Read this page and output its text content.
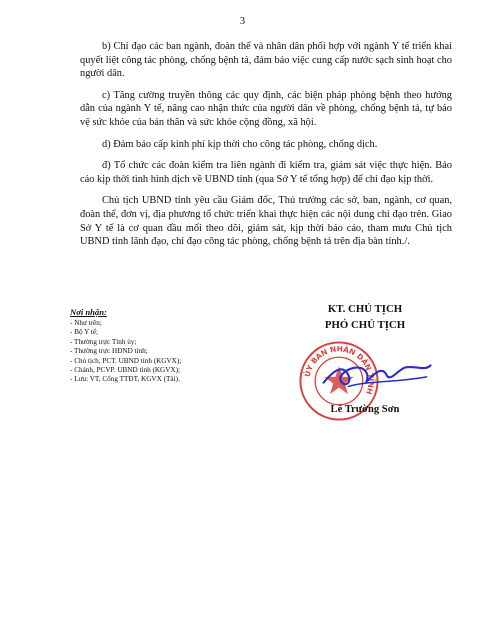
3

b) Chỉ đạo các ban ngành, đoàn thể và nhân dân phối hợp với ngành Y tế triển khai quyết liệt công tác phòng, chống bệnh tả, đảm bảo việc cung cấp nước sạch sinh hoạt cho người dân.

c) Tăng cường truyền thông các quy định, các biện pháp phòng bệnh theo hướng dẫn của ngành Y tế, nâng cao nhận thức của người dân về phòng, chống bệnh tả, tự bảo vệ sức khỏe của bản thân và sức khỏe cộng đồng, xã hội.

d) Đảm bảo cấp kinh phí kịp thời cho công tác phòng, chống dịch.

đ) Tổ chức các đoàn kiểm tra liên ngành đi kiểm tra, giám sát việc thực hiện. Báo cáo kịp thời tình hình dịch về UBND tỉnh (qua Sở Y tế tổng hợp) để chỉ đạo kịp thời.

Chủ tịch UBND tỉnh yêu cầu Giám đốc, Thủ trưởng các sở, ban, ngành, cơ quan, đoàn thể, đơn vị, địa phương tổ chức triển khai thực hiện các nội dung chỉ đạo trên. Giao Sở Y tế là cơ quan đầu mối theo dõi, giám sát, kịp thời báo cáo, tham mưu Chủ tịch UBND tỉnh lãnh đạo, chỉ đạo công tác phòng, chống bệnh tả trên địa bàn tỉnh./.

Nơi nhận:
- Như trên;
- Bộ Y tế;
- Thường trực Tỉnh ủy;
- Thường trực HĐND tỉnh;
- Chủ tịch, PCT. UBND tỉnh (KGVX);
- Chánh, PCVP. UBND tỉnh (KGVX);
- Lưu: VT, Cổng TTĐT, KGVX (Tài).
KT. CHỦ TỊCH
PHÓ CHỦ TỊCH
ỦY BAN NHÂN DÂN TỈNH
Lê Trường Sơn
